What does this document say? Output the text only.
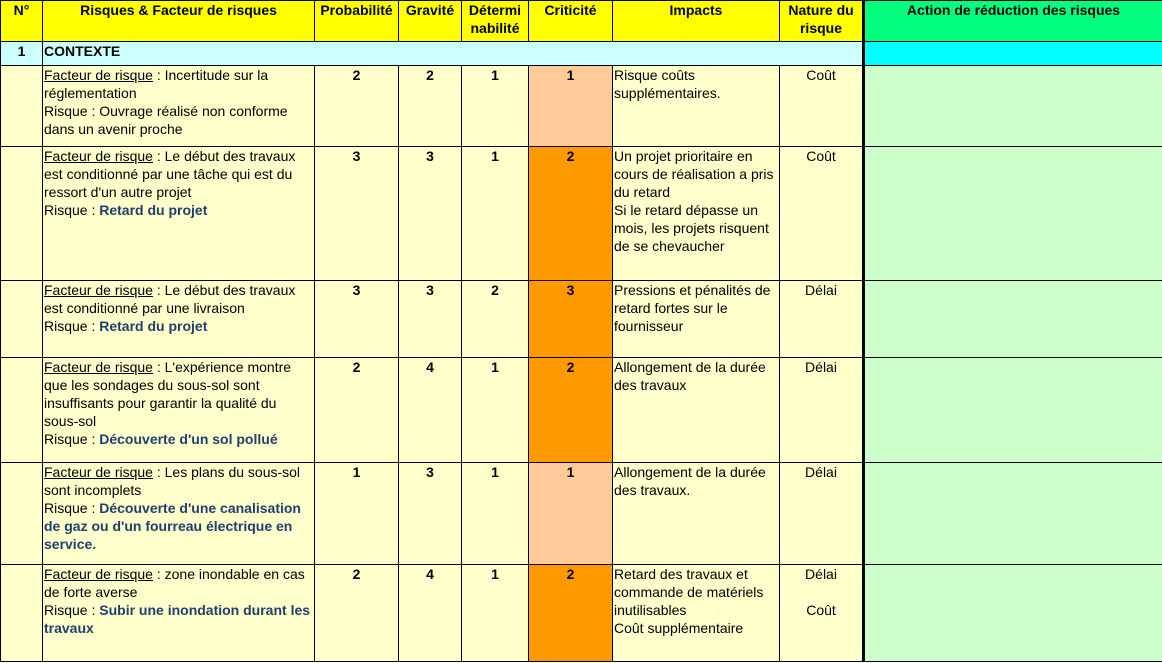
N°	Risques & Facteur de risques	Probabilité	Gravité	Détermi
nabilité	Criticité	Impacts	Nature du
risque	Action de réduction des risques
1	CONTEXTE							
	Facteur de risque : Incertitude sur la réglementation
Risque : Ouvrage réalisé non conforme dans un avenir proche	2	2	1	1	Risque coûts supplémentaires.	Coût	

	Facteur de risque : Le début des travaux est conditionné par une tâche qui est du ressort d'un autre projet
Risque : Retard du projet	3	3	1	2	Un projet prioritaire en cours de réalisation a pris du retard
Si le retard dépasse un mois, les projets risquent de se chevaucher	Coût	

	Facteur de risque : Le début des travaux est conditionné par une livraison
Risque : Retard du projet	3	3	2	3	Pressions et pénalités de retard fortes sur le fournisseur	Délai	

	Facteur de risque : L'expérience montre que les sondages du sous-sol sont insuffisants pour garantir la qualité du sous-sol
Risque : Découverte d'un sol pollué	2	4	1	2	Allongement de la durée des travaux	Délai	

	Facteur de risque : Les plans du sous-sol sont incomplets
Risque : Découverte d'une canalisation de gaz ou d'un fourreau électrique en service.	1	3	1	1	Allongement de la durée des travaux.	Délai	

	Facteur de risque : zone inondable en cas de forte averse
Risque : Subir une inondation durant les travaux	2	4	1	2	Retard des travaux et commande de matériels inutilisables
Coût supplémentaire	Délai
Coût	
